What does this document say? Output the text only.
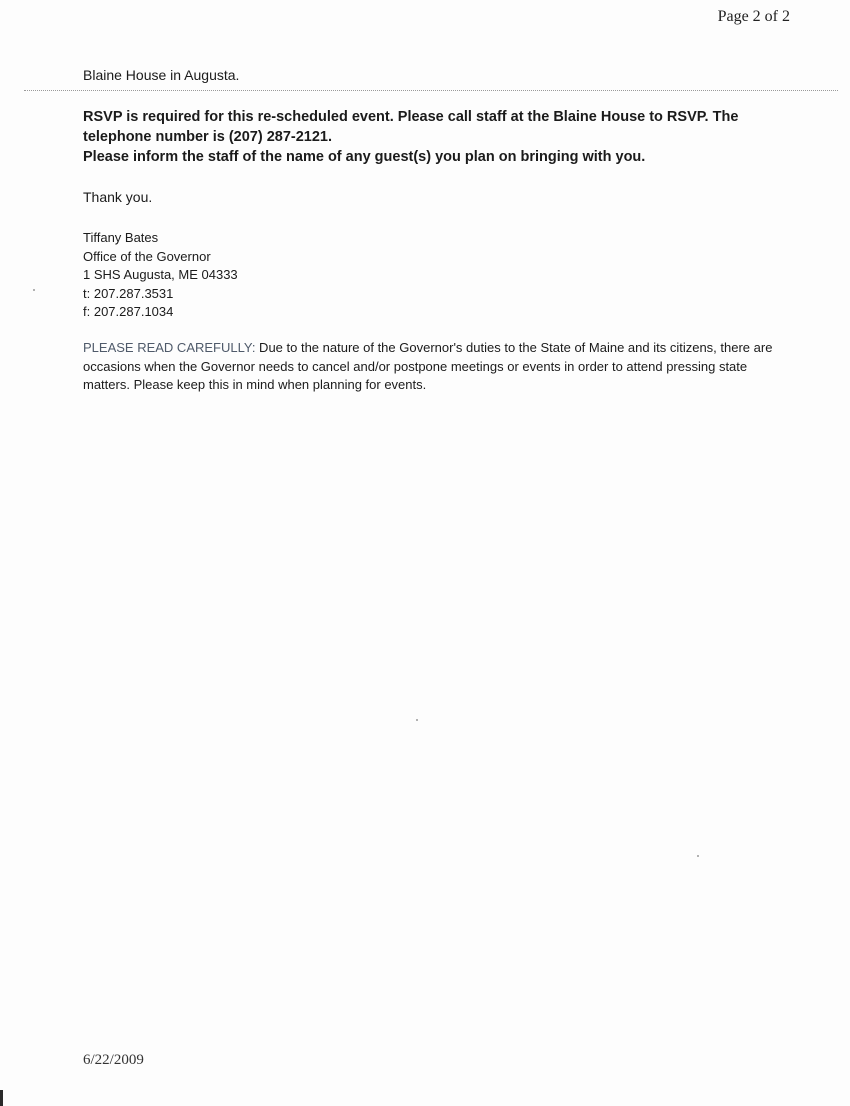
Page 2 of 2
Blaine House in Augusta.

RSVP is required for this re-scheduled event. Please call staff at the Blaine House to RSVP. The telephone number is (207) 287-2121.

Please inform the staff of the name of any guest(s) you plan on bringing with you.

Thank you.
Tiffany Bates
Office of the Governor
1 SHS Augusta, ME 04333
t: 207.287.3531
f: 207.287.1034
PLEASE READ CAREFULLY: Due to the nature of the Governor's duties to the State of Maine and its citizens, there are occasions when the Governor needs to cancel and/or postpone meetings or events in order to attend pressing state matters. Please keep this in mind when planning for events.
6/22/2009
